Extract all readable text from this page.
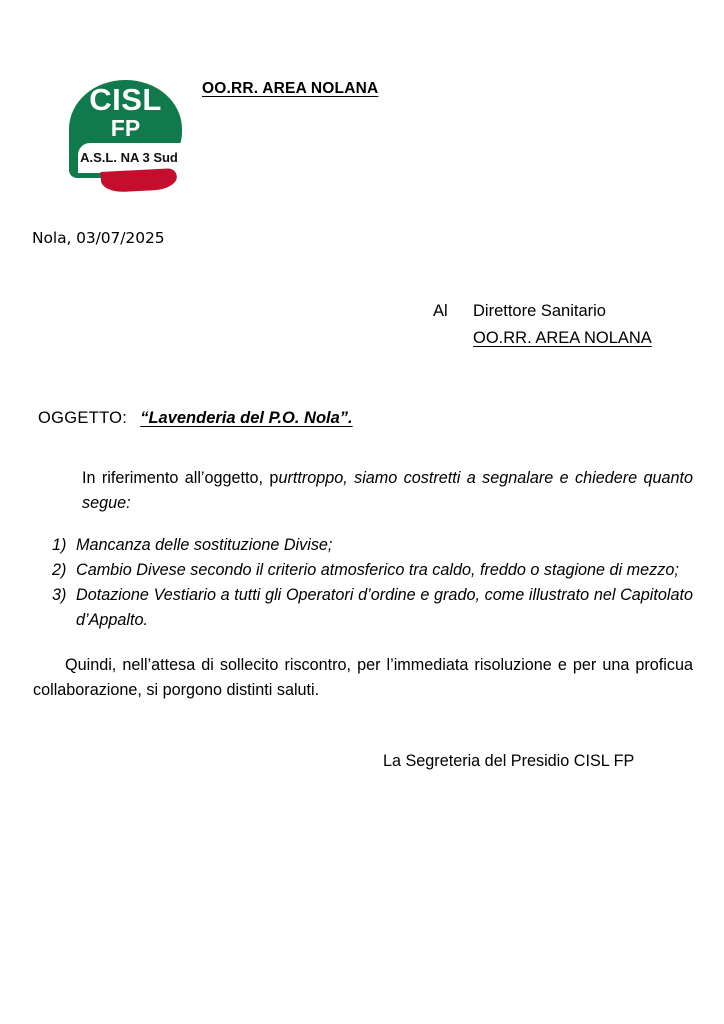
CISL
FP
A.S.L. NA 3 Sud
OO.RR. AREA NOLANA
Nola, 03/07/2025
Al	Direttore Sanitario
OO.RR. AREA NOLANA
OGGETTO: “Lavenderia del P.O. Nola”.

In riferimento all’oggetto, purttroppo, siamo costretti a segnalare e chiedere quanto segue:

1) Mancanza delle sostituzione Divise;
2) Cambio Divese secondo il criterio atmosferico tra caldo, freddo o stagione di mezzo;
3) Dotazione Vestiario a tutti gli Operatori d’ordine e grado, come illustrato nel Capitolato d’Appalto.

Quindi, nell’attesa di sollecito riscontro, per l’immediata risoluzione e per una proficua collaborazione, si porgono distinti saluti.

La Segreteria del Presidio CISL FP
